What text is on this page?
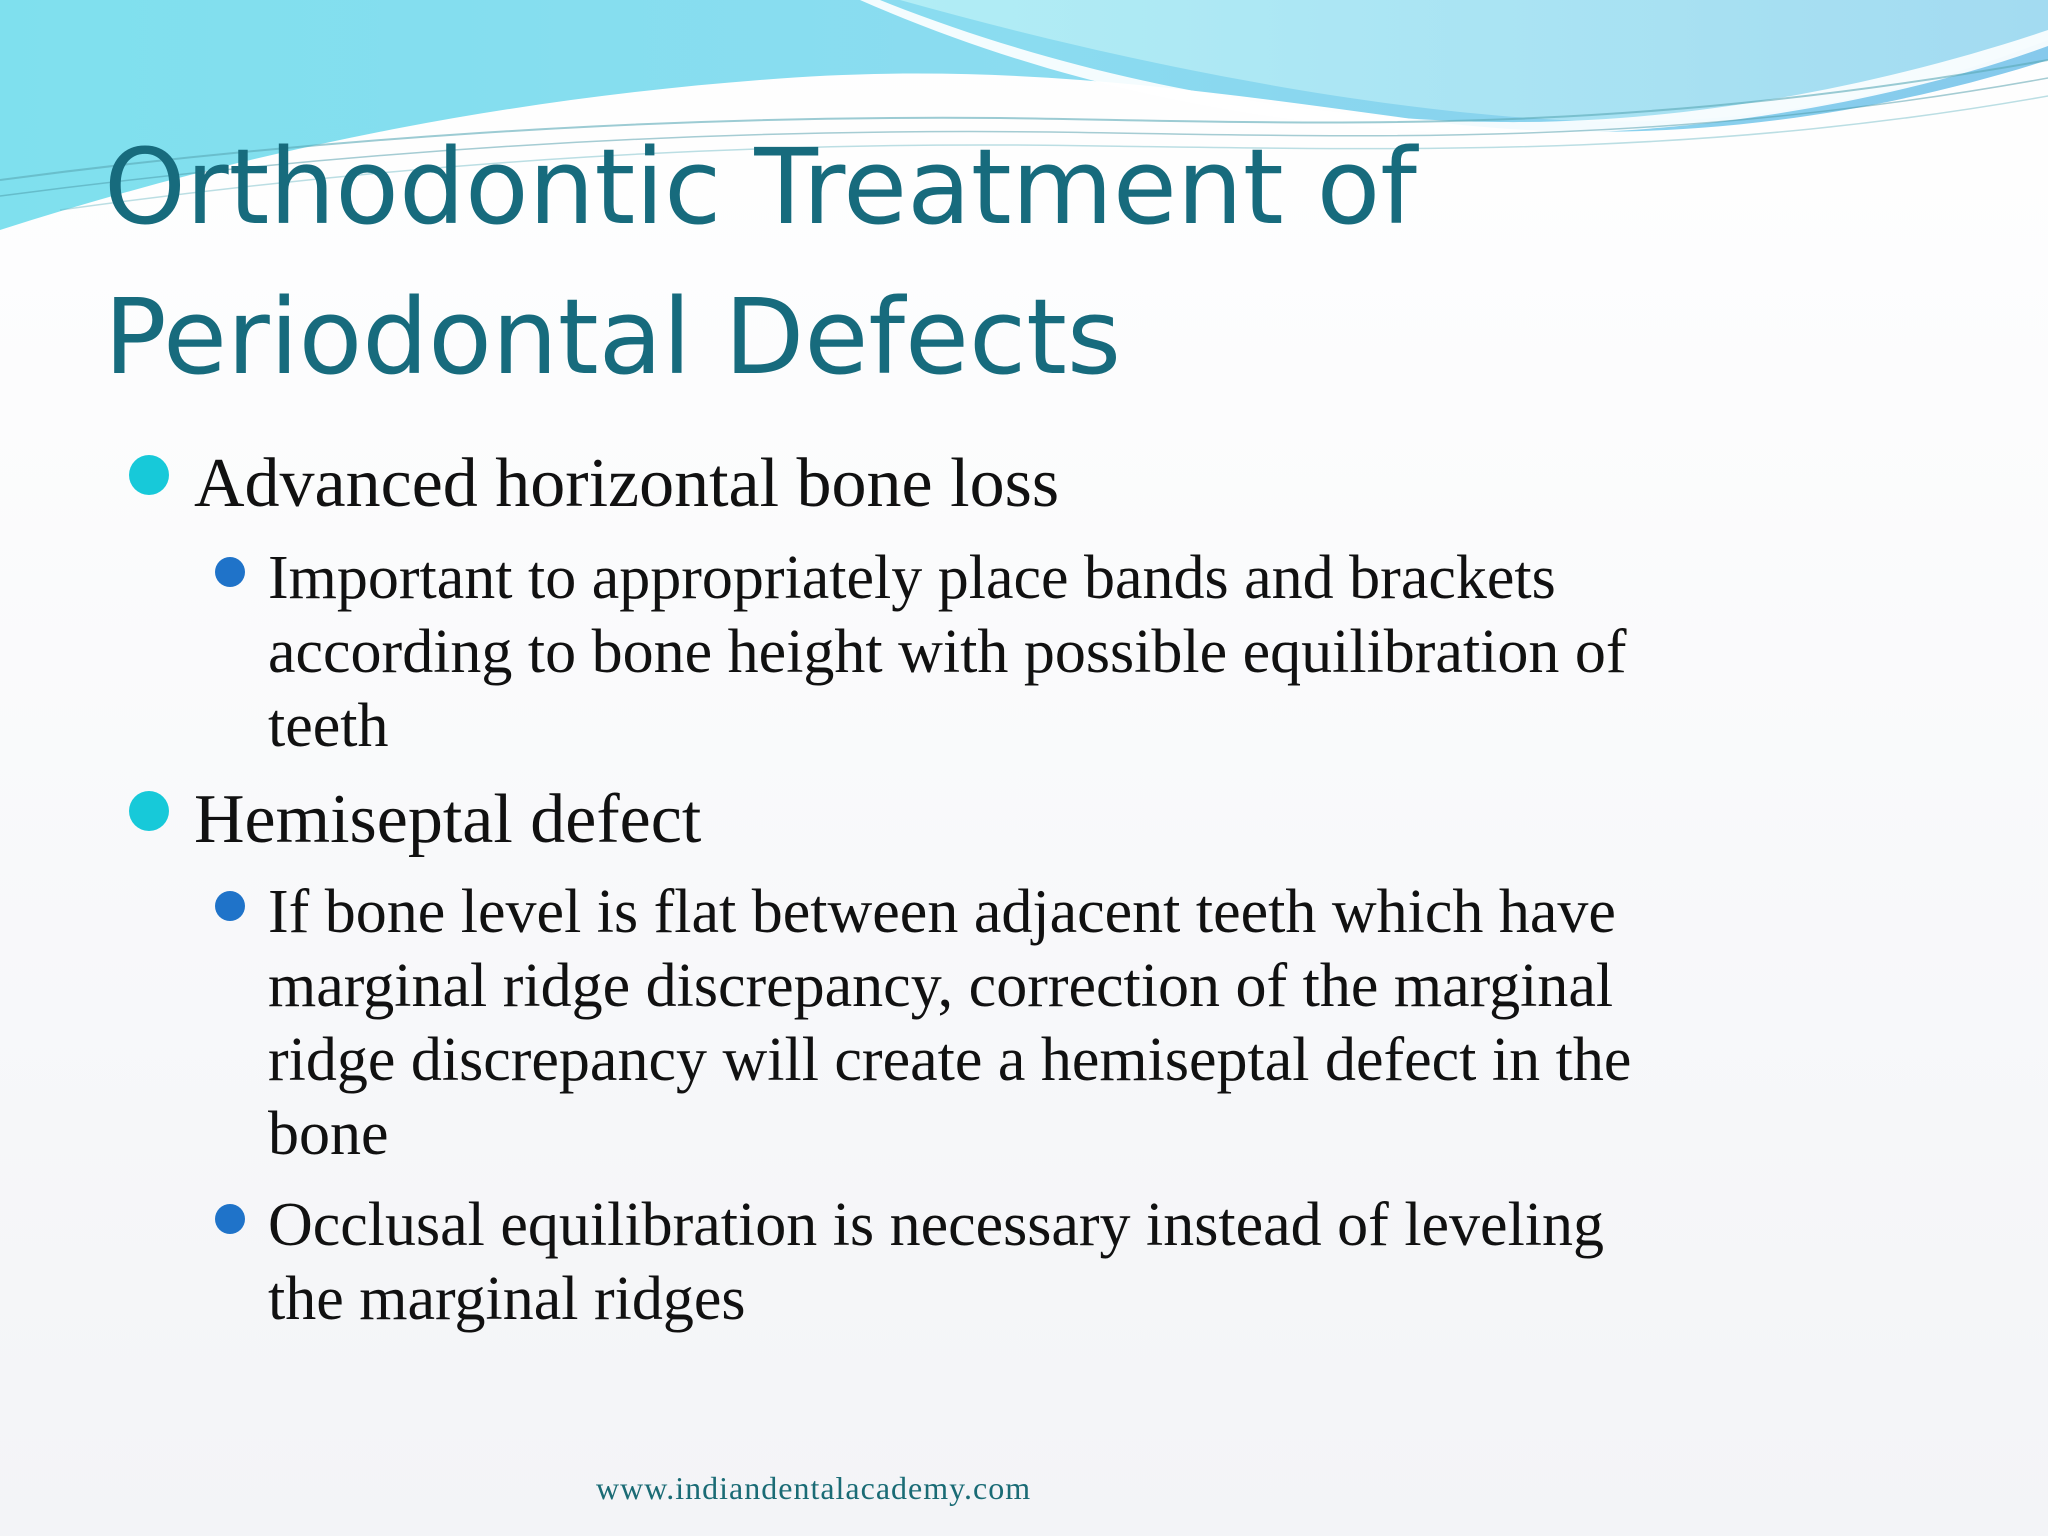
Orthodontic Treatment of
Periodontal Defects

Advanced horizontal bone loss

Important to appropriately place bands and brackets

according to bone height with possible equilibration of

teeth

Hemiseptal defect

If bone level is flat between adjacent teeth which have

marginal ridge discrepancy, correction of the marginal

ridge discrepancy will create a hemiseptal defect in the

bone

Occlusal equilibration is necessary instead of leveling

the marginal ridges

www.indiandentalacademy.com
